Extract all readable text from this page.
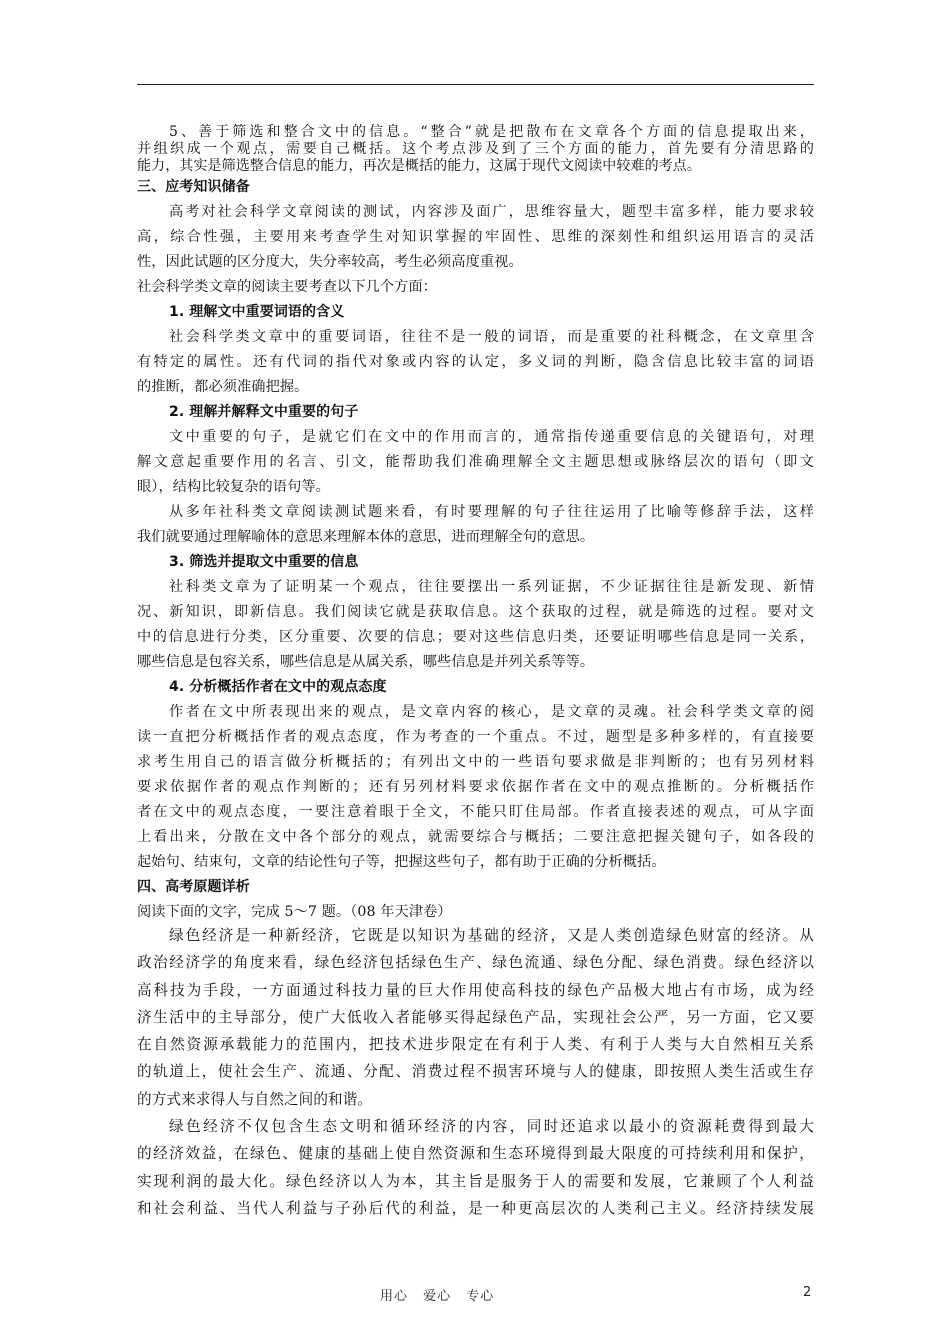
5、善于筛选和整合文中的信息。“整合”就是把散布在文章各个方面的信息提取出来，
并组织成一个观点，需要自己概括。这个考点涉及到了三个方面的能力，首先要有分清思路的
能力，其实是筛选整合信息的能力，再次是概括的能力，这属于现代文阅读中较难的考点。
三、应考知识储备
高考对社会科学文章阅读的测试，内容涉及面广，思维容量大，题型丰富多样，能力要求较
高，综合性强，主要用来考查学生对知识掌握的牢固性、思维的深刻性和组织运用语言的灵活
性，因此试题的区分度大，失分率较高，考生必须高度重视。
社会科学类文章的阅读主要考查以下几个方面：
1. 理解文中重要词语的含义
社会科学类文章中的重要词语，往往不是一般的词语，而是重要的社科概念，在文章里含
有特定的属性。还有代词的指代对象或内容的认定，多义词的判断，隐含信息比较丰富的词语
的推断，都必须准确把握。
2. 理解并解释文中重要的句子
文中重要的句子，是就它们在文中的作用而言的，通常指传递重要信息的关键语句，对理
解文意起重要作用的名言、引文，能帮助我们准确理解全文主题思想或脉络层次的语句（即文
眼），结构比较复杂的语句等。
从多年社科类文章阅读测试题来看，有时要理解的句子往往运用了比喻等修辞手法，这样
我们就要通过理解喻体的意思来理解本体的意思，进而理解全句的意思。
3. 筛选并提取文中重要的信息
社科类文章为了证明某一个观点，往往要摆出一系列证据，不少证据往往是新发现、新情
况、新知识，即新信息。我们阅读它就是获取信息。这个获取的过程，就是筛选的过程。要对文
中的信息进行分类，区分重要、次要的信息；要对这些信息归类，还要证明哪些信息是同一关系，
哪些信息是包容关系，哪些信息是从属关系，哪些信息是并列关系等等。
4. 分析概括作者在文中的观点态度
作者在文中所表现出来的观点，是文章内容的核心，是文章的灵魂。社会科学类文章的阅
读一直把分析概括作者的观点态度，作为考查的一个重点。不过，题型是多种多样的，有直接要
求考生用自己的语言做分析概括的；有列出文中的一些语句要求做是非判断的；也有另列材料
要求依据作者的观点作判断的；还有另列材料要求依据作者在文中的观点推断的。分析概括作
者在文中的观点态度，一要注意着眼于全文，不能只盯住局部。作者直接表述的观点，可从字面
上看出来，分散在文中各个部分的观点，就需要综合与概括；二要注意把握关键句子，如各段的
起始句、结束句，文章的结论性句子等，把握这些句子，都有助于正确的分析概括。
四、高考原题详析
阅读下面的文字，完成 5～7 题。（08 年天津卷）
绿色经济是一种新经济，它既是以知识为基础的经济，又是人类创造绿色财富的经济。从
政治经济学的角度来看，绿色经济包括绿色生产、绿色流通、绿色分配、绿色消费。绿色经济以
高科技为手段，一方面通过科技力量的巨大作用使高科技的绿色产品极大地占有市场，成为经
济生活中的主导部分，使广大低收入者能够买得起绿色产品，实现社会公严，另一方面，它又要
在自然资源承载能力的范围内，把技术进步限定在有利于人类、有利于人类与大自然相互关系
的轨道上，使社会生产、流通、分配、消费过程不损害环境与人的健康，即按照人类生活或生存
的方式来求得人与自然之间的和谐。
绿色经济不仅包含生态文明和循环经济的内容，同时还追求以最小的资源耗费得到最大
的经济效益，在绿色、健康的基础上使自然资源和生态环境得到最大限度的可持续利用和保护，
实现利润的最大化。绿色经济以人为本，其主旨是服务于人的需要和发展，它兼顾了个人利益
和社会利益、当代人利益与子孙后代的利益，是一种更高层次的人类利己主义。经济持续发展
用心 爱心 专心	2
